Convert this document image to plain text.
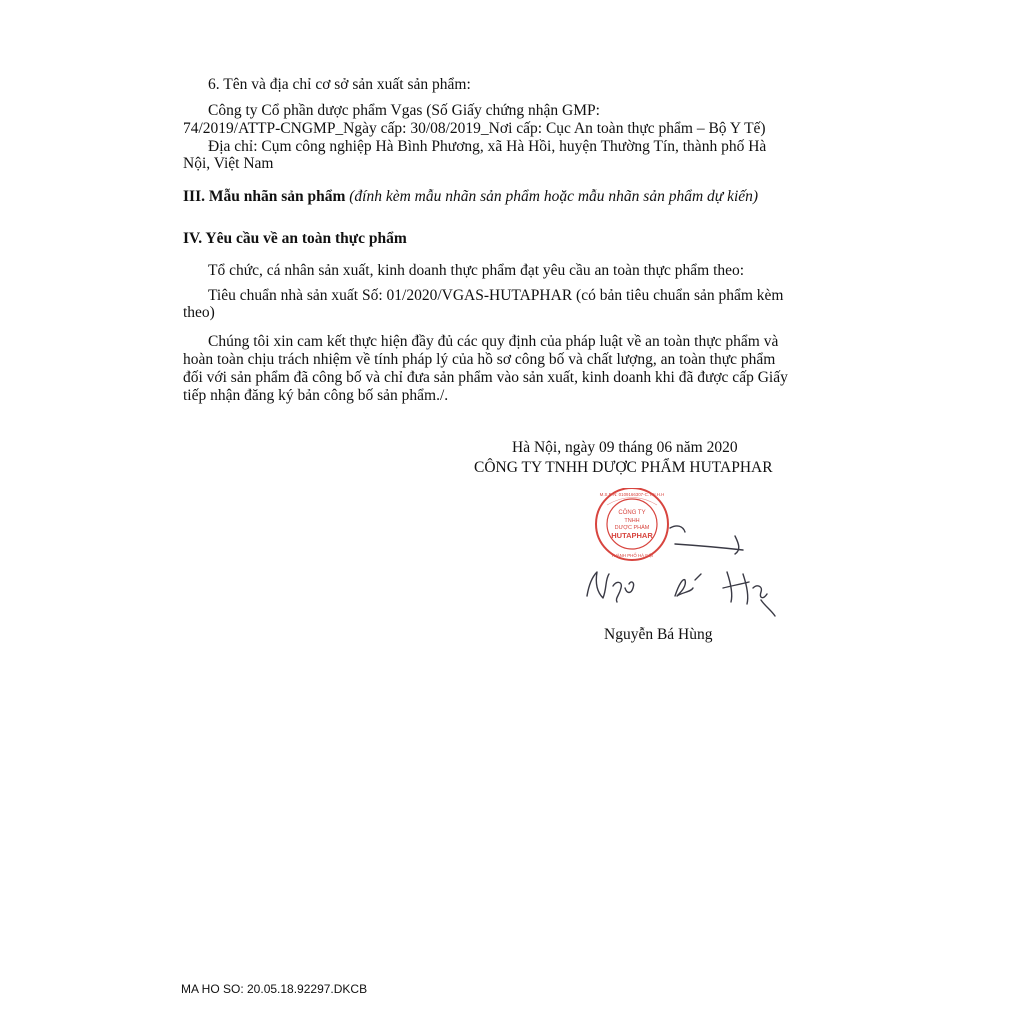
6. Tên và địa chỉ cơ sở sản xuất sản phẩm:
Công ty Cổ phần dược phẩm Vgas (Số Giấy chứng nhận GMP:
74/2019/ATTP-CNGMP_Ngày cấp: 30/08/2019_Nơi cấp: Cục An toàn thực phẩm – Bộ Y Tế)
Địa chỉ: Cụm công nghiệp Hà Bình Phương, xã Hà Hồi, huyện Thường Tín, thành phố Hà
Nội, Việt Nam
III. Mẫu nhãn sản phẩm (đính kèm mẫu nhãn sản phẩm hoặc mẫu nhãn sản phẩm dự kiến)
IV. Yêu cầu về an toàn thực phẩm
Tổ chức, cá nhân sản xuất, kinh doanh thực phẩm đạt yêu cầu an toàn thực phẩm theo:
Tiêu chuẩn nhà sản xuất Số: 01/2020/VGAS-HUTAPHAR (có bản tiêu chuẩn sản phẩm kèm
theo)
Chúng tôi xin cam kết thực hiện đầy đủ các quy định của pháp luật về an toàn thực phẩm và
hoàn toàn chịu trách nhiệm về tính pháp lý của hồ sơ công bố và chất lượng, an toàn thực phẩm
đối với sản phẩm đã công bố và chỉ đưa sản phẩm vào sản xuất, kinh doanh khi đã được cấp Giấy
tiếp nhận đăng ký bản công bố sản phẩm./.
Hà Nội, ngày 09 tháng 06 năm 2020
CÔNG TY TNHH DƯỢC PHẨM HUTAPHAR
CÔNG TY
TNHH
DƯỢC PHẨM
HUTAPHAR
M.S.D.N: 0109166307-C.T.N.H.H
THÀNH PHỐ HÀ NỘI
Nguyễn Bá Hùng
MA HO SO: 20.05.18.92297.DKCB
